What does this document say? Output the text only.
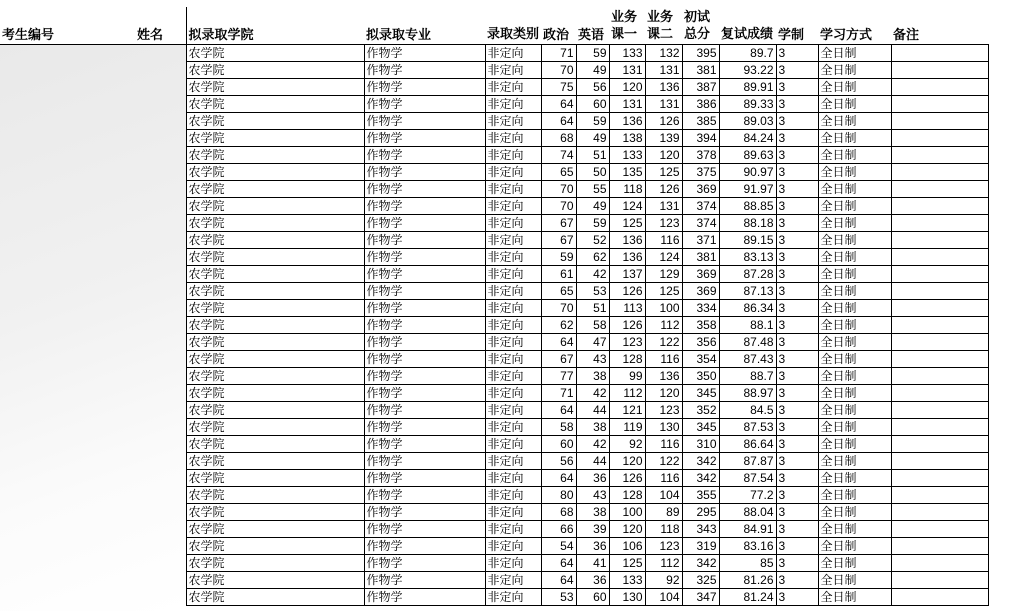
考生编号	姓名	拟录取学院	拟录取专业	录取类别	政治	英语	业务课一	业务课二	初试总分	复试成绩	学制	学习方式	备注
		农学院	作物学	非定向	71	59	133	132	395	89.7	3	全日制	
		农学院	作物学	非定向	70	49	131	131	381	93.22	3	全日制	
		农学院	作物学	非定向	75	56	120	136	387	89.91	3	全日制	
		农学院	作物学	非定向	64	60	131	131	386	89.33	3	全日制	
		农学院	作物学	非定向	64	59	136	126	385	89.03	3	全日制	
		农学院	作物学	非定向	68	49	138	139	394	84.24	3	全日制	
		农学院	作物学	非定向	74	51	133	120	378	89.63	3	全日制	
		农学院	作物学	非定向	65	50	135	125	375	90.97	3	全日制	
		农学院	作物学	非定向	70	55	118	126	369	91.97	3	全日制	
		农学院	作物学	非定向	70	49	124	131	374	88.85	3	全日制	
		农学院	作物学	非定向	67	59	125	123	374	88.18	3	全日制	
		农学院	作物学	非定向	67	52	136	116	371	89.15	3	全日制	
		农学院	作物学	非定向	59	62	136	124	381	83.13	3	全日制	
		农学院	作物学	非定向	61	42	137	129	369	87.28	3	全日制	
		农学院	作物学	非定向	65	53	126	125	369	87.13	3	全日制	
		农学院	作物学	非定向	70	51	113	100	334	86.34	3	全日制	
		农学院	作物学	非定向	62	58	126	112	358	88.1	3	全日制	
		农学院	作物学	非定向	64	47	123	122	356	87.48	3	全日制	
		农学院	作物学	非定向	67	43	128	116	354	87.43	3	全日制	
		农学院	作物学	非定向	77	38	99	136	350	88.7	3	全日制	
		农学院	作物学	非定向	71	42	112	120	345	88.97	3	全日制	
		农学院	作物学	非定向	64	44	121	123	352	84.5	3	全日制	
		农学院	作物学	非定向	58	38	119	130	345	87.53	3	全日制	
		农学院	作物学	非定向	60	42	92	116	310	86.64	3	全日制	
		农学院	作物学	非定向	56	44	120	122	342	87.87	3	全日制	
		农学院	作物学	非定向	64	36	126	116	342	87.54	3	全日制	
		农学院	作物学	非定向	80	43	128	104	355	77.2	3	全日制	
		农学院	作物学	非定向	68	38	100	89	295	88.04	3	全日制	
		农学院	作物学	非定向	66	39	120	118	343	84.91	3	全日制	
		农学院	作物学	非定向	54	36	106	123	319	83.16	3	全日制	
		农学院	作物学	非定向	64	41	125	112	342	85	3	全日制	
		农学院	作物学	非定向	64	36	133	92	325	81.26	3	全日制	
		农学院	作物学	非定向	53	60	130	104	347	81.24	3	全日制	
